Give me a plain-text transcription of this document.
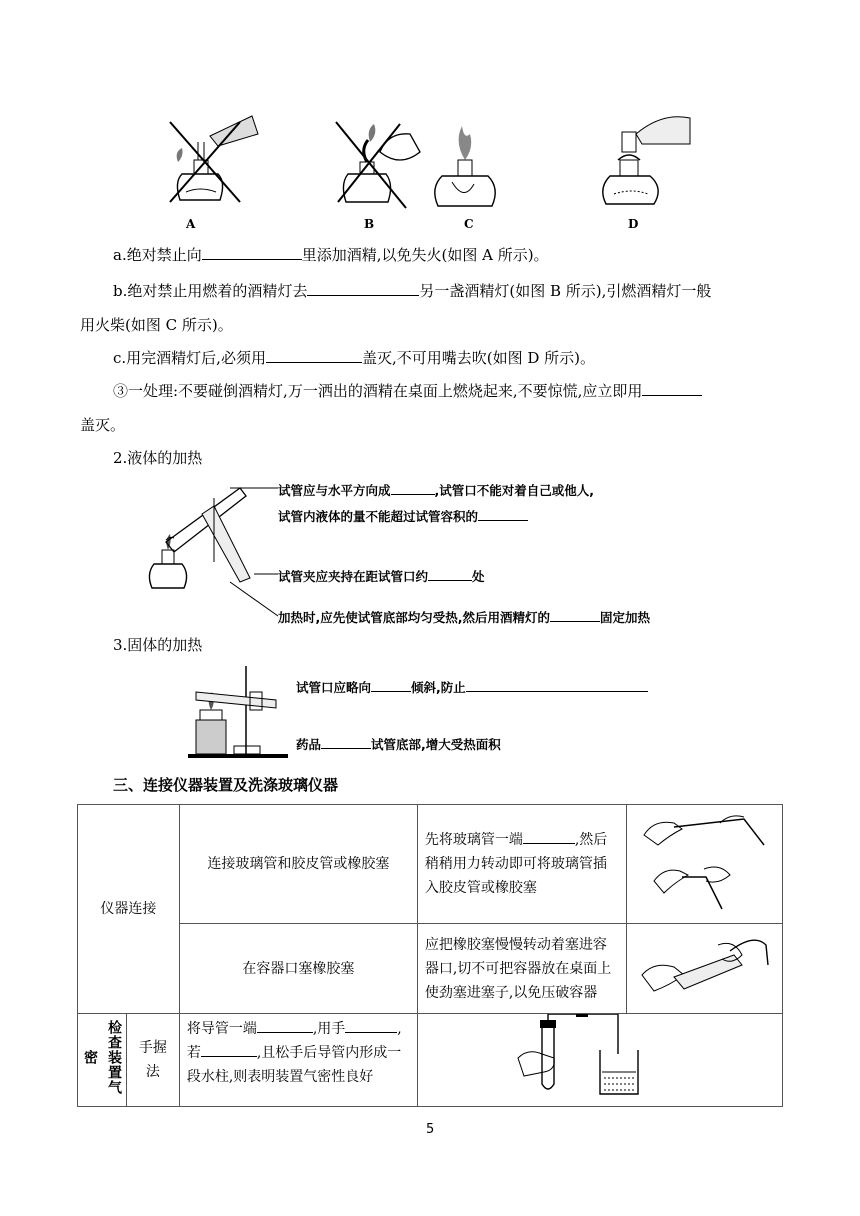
A	B	C	D
a.绝对禁止向	里添加酒精,以免失火(如图 A 所示)。
b.绝对禁止用燃着的酒精灯去	另一盏酒精灯(如图 B 所示),引燃酒精灯一般
用火柴(如图 C 所示)。
c.用完酒精灯后,必须用	盖灭,不可用嘴去吹(如图 D 所示)。
③一处理:不要碰倒酒精灯,万一洒出的酒精在桌面上燃烧起来,不要惊慌,应立即用
盖灭。
2.液体的加热
试管应与水平方向成	,试管口不能对着自己或他人,
试管内液体的量不能超过试管容积的
试管夹应夹持在距试管口约	处
加热时,应先使试管底部均匀受热,然后用酒精灯的	固定加热
3.固体的加热
试管口应略向	倾斜,防止
药品	试管底部,增大受热面积
三、连接仪器装置及洗涤玻璃仪器
仪器连接		连接玻璃管和胶皮管或橡胶塞	先将玻璃管一端 ,然后
稍稍用力转动即可将玻璃管插
入胶皮管或橡胶塞

		在容器口塞橡胶塞	应把橡胶塞慢慢转动着塞进容
器口,切不可把容器放在桌面上
使劲塞进塞子,以免压破容器

检查装置气密	手握法	将导管一端 ,用手 ,
若 ,且松手后导管内形成一
段水柱,则表明装置气密性良好

5
